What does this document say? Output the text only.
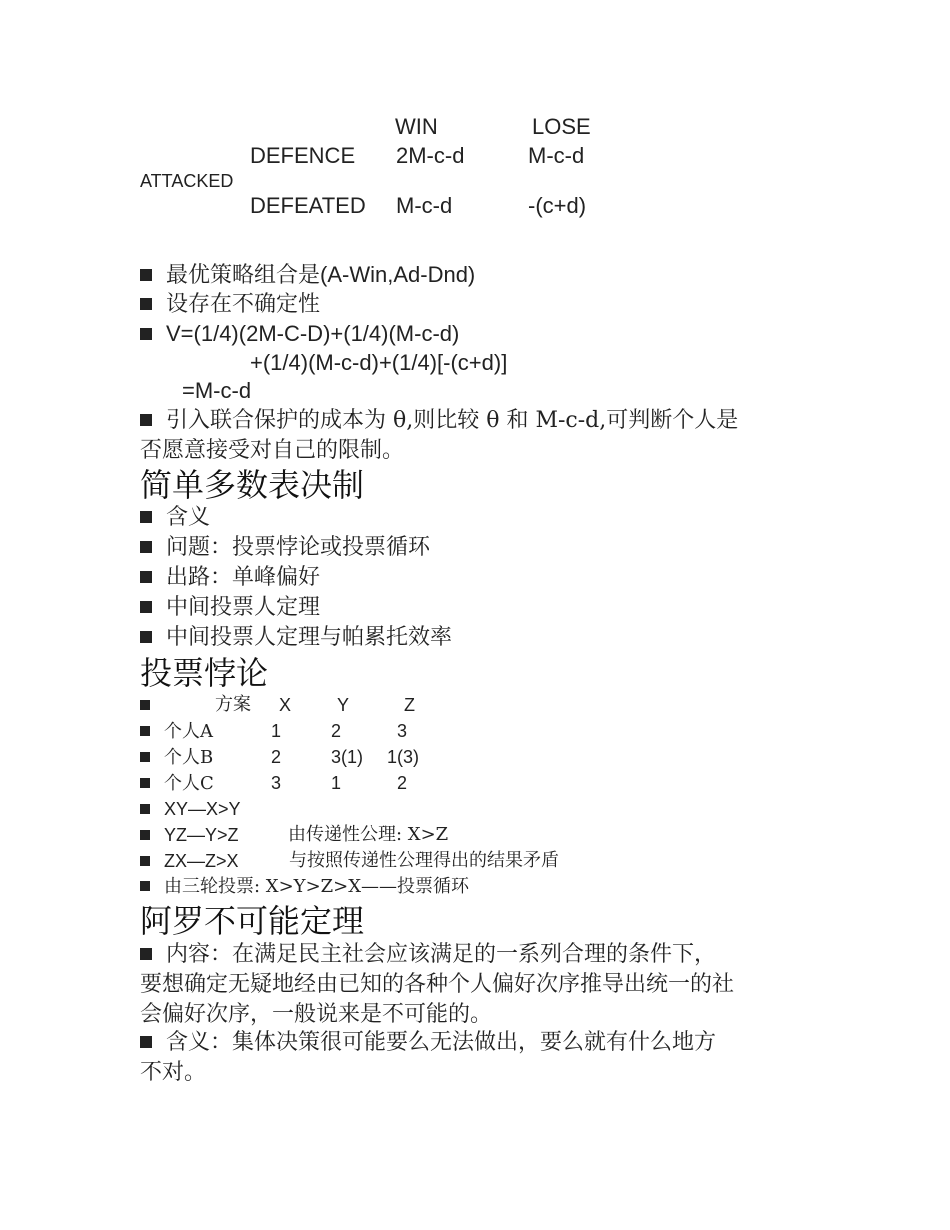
WIN	LOSE
DEFENCE 2M-c-d	M-c-d
ATTACKED
DEFEATED M-c-d	-(c+d)
最优策略组合是(A-Win,Ad-Dnd)
设存在不确定性
V=(1/4)(2M-C-D)+(1/4)(M-c-d)
+(1/4)(M-c-d)+(1/4)[-(c+d)]
=M-c-d
引入联合保护的成本为 θ,则比较 θ 和 M-c-d,可判断个人是
否愿意接受对自己的限制。
简单多数表决制
含义
问题：投票悖论或投票循环
出路：单峰偏好
中间投票人定理
中间投票人定理与帕累托效率
投票悖论
方案 X	Y	Z
个人A	1	2	3
个人B	2	3(1) 1(3)
个人C	3	1	2
XY—X>Y
YZ—Y>Z	由传递性公理: X>Z
ZX—Z>X	与按照传递性公理得出的结果矛盾
由三轮投票: X>Y>Z>X——投票循环
阿罗不可能定理
内容：在满足民主社会应该满足的一系列合理的条件下，
要想确定无疑地经由已知的各种个人偏好次序推导出统一的社
会偏好次序，一般说来是不可能的。
含义：集体决策很可能要么无法做出，要么就有什么地方
不对。
